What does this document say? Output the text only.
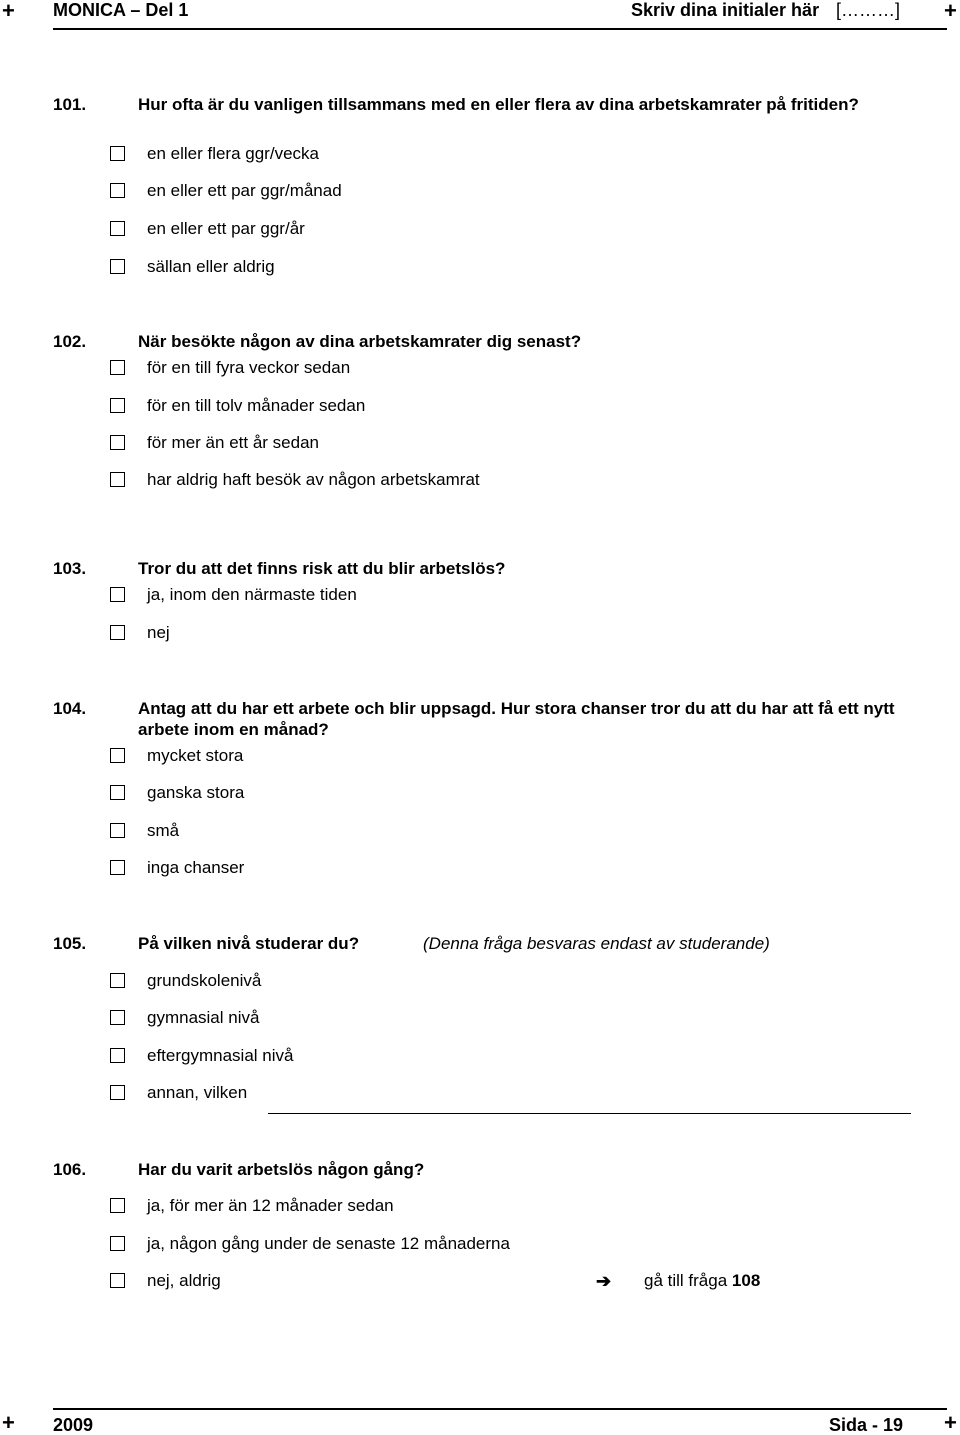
+ MONICA – Del 1	Skriv dina initialer här [………] +
101.	Hur ofta är du vanligen tillsammans med en eller flera av dina arbetskamrater på fritiden?
en eller flera ggr/vecka
en eller ett par ggr/månad
en eller ett par ggr/år
sällan eller aldrig
102.	När besökte någon av dina arbetskamrater dig senast?
för en till fyra veckor sedan
för en till tolv månader sedan
för mer än ett år sedan
har aldrig haft besök av någon arbetskamrat
103.	Tror du att det finns risk att du blir arbetslös?
ja, inom den närmaste tiden
nej
104.	Antag att du har ett arbete och blir uppsagd. Hur stora chanser tror du att du har att få ett nytt arbete inom en månad?
mycket stora
ganska stora
små
inga chanser
105.	På vilken nivå studerar du?	(Denna fråga besvaras endast av studerande)
grundskolenivå
gymnasial nivå
eftergymnasial nivå
annan, vilken
106.	Har du varit arbetslös någon gång?
ja, för mer än 12 månader sedan
ja, någon gång under de senaste 12 månaderna
nej, aldrig	➔ gå till fråga 108
+ 2009	Sida - 19 +
